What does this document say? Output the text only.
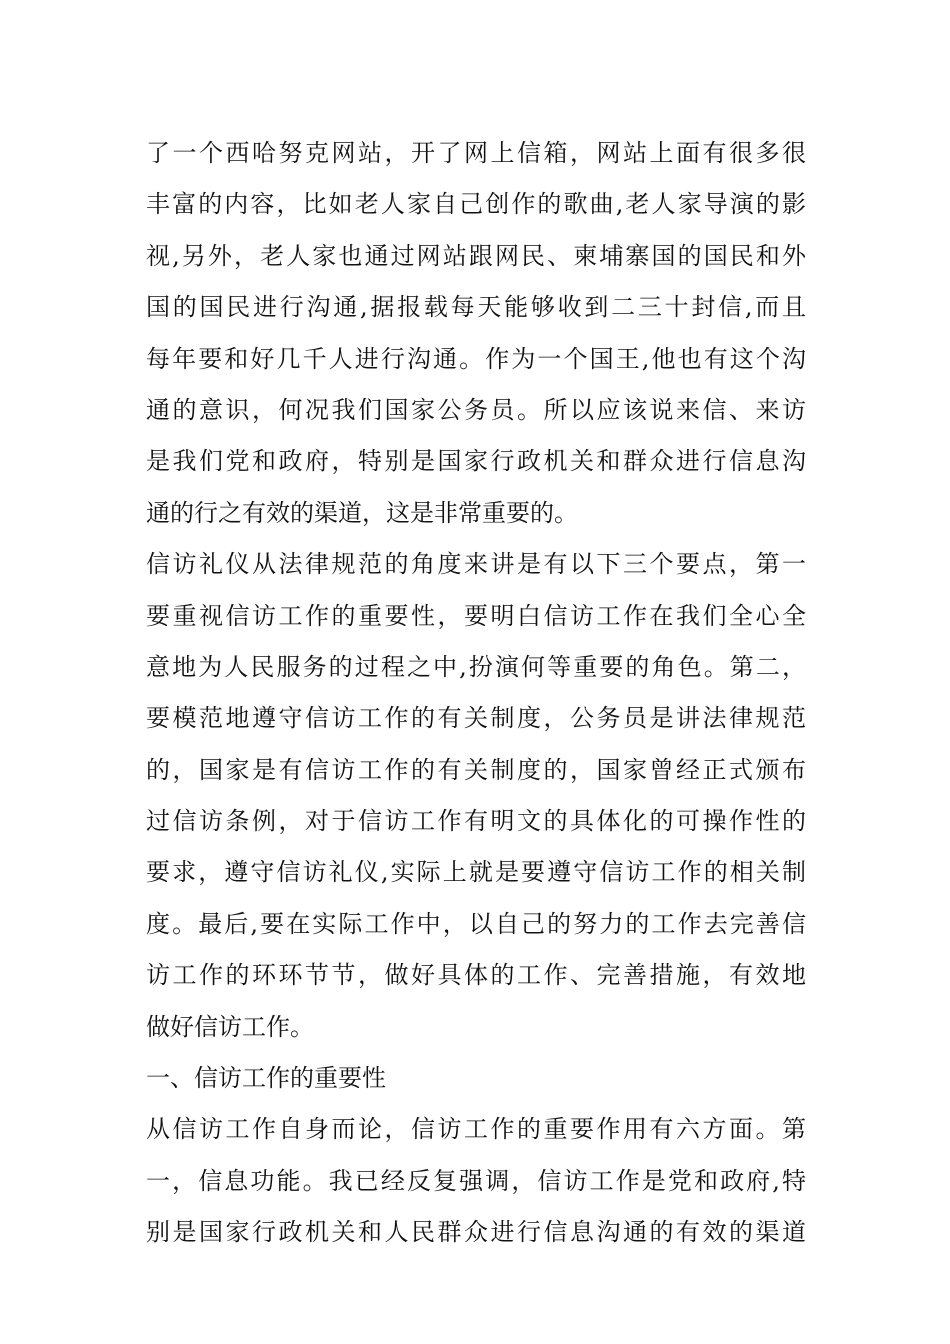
了一个西哈努克网站，开了网上信箱，网站上面有很多很
丰富的内容，比如老人家自己创作的歌曲,老人家导演的影
视,另外，老人家也通过网站跟网民、柬埔寨国的国民和外
国的国民进行沟通,据报载每天能够收到二三十封信,而且
每年要和好几千人进行沟通。作为一个国王,他也有这个沟
通的意识，何况我们国家公务员。所以应该说来信、来访
是我们党和政府，特别是国家行政机关和群众进行信息沟
通的行之有效的渠道，这是非常重要的。
信访礼仪从法律规范的角度来讲是有以下三个要点，第一
要重视信访工作的重要性，要明白信访工作在我们全心全
意地为人民服务的过程之中,扮演何等重要的角色。第二，
要模范地遵守信访工作的有关制度，公务员是讲法律规范
的，国家是有信访工作的有关制度的，国家曾经正式颁布
过信访条例，对于信访工作有明文的具体化的可操作性的
要求，遵守信访礼仪,实际上就是要遵守信访工作的相关制
度。最后,要在实际工作中，以自己的努力的工作去完善信
访工作的环环节节，做好具体的工作、完善措施，有效地
做好信访工作。
一、信访工作的重要性
从信访工作自身而论，信访工作的重要作用有六方面。第
一，信息功能。我已经反复强调，信访工作是党和政府,特
别是国家行政机关和人民群众进行信息沟通的有效的渠道
